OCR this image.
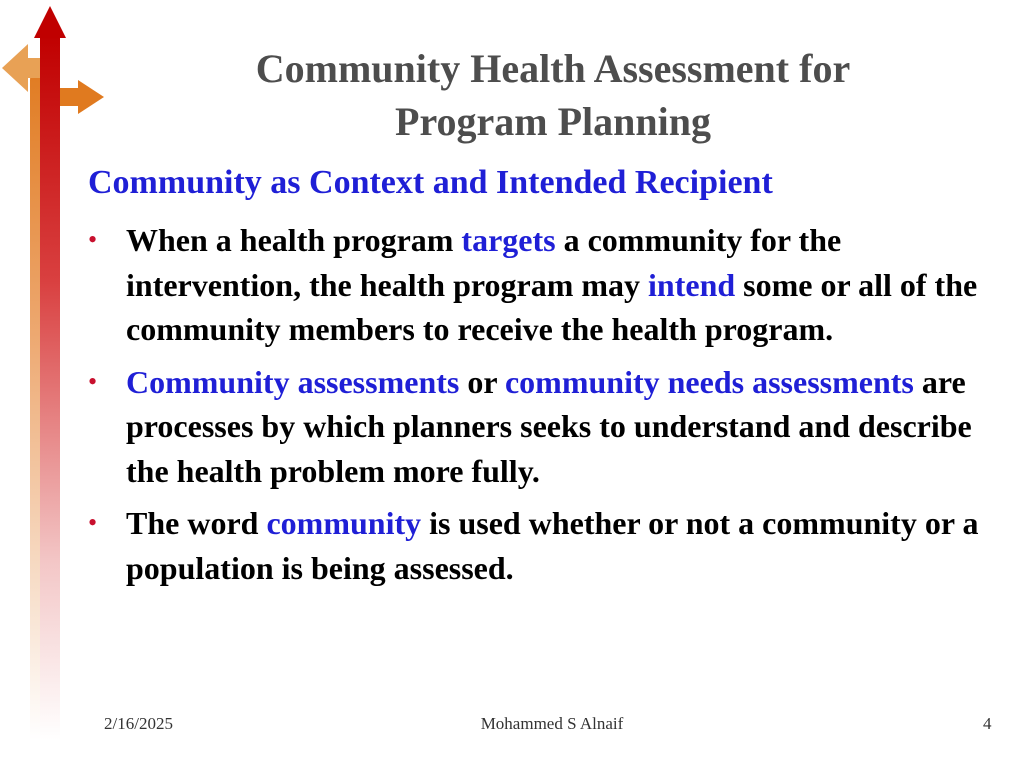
Community Health Assessment for
Program Planning
Community as Context and Intended Recipient
• When a health program targets a community for the intervention, the health program may intend some or all of the community members to receive the health program.
• Community assessments or community needs assessments are processes by which planners seeks to understand and describe the health problem more fully.
• The word community is used whether or not a community or a population is being assessed.
2/16/2025	Mohammed S Alnaif	4
